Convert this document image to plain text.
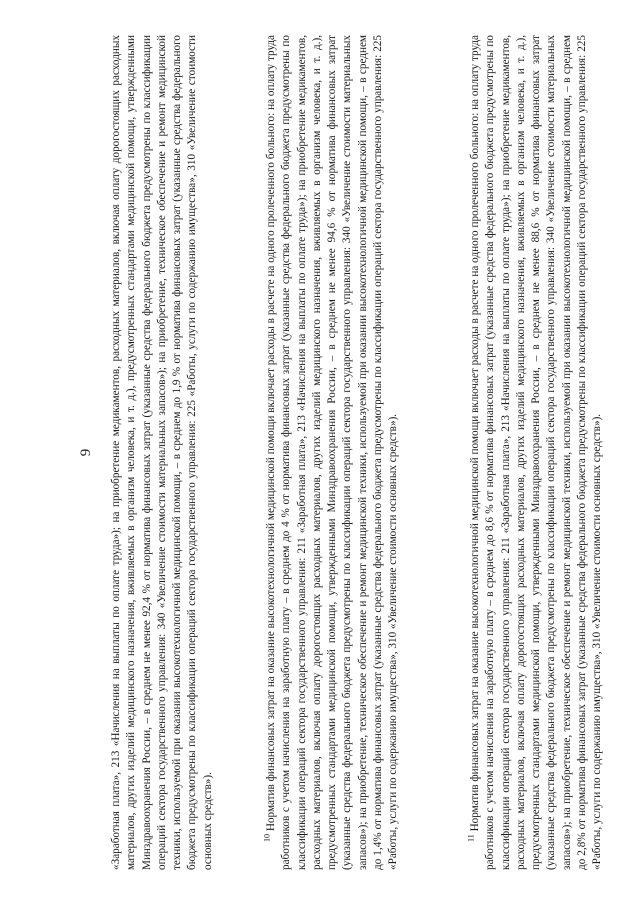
9 «Заработная плата», 213 «Начисления на выплаты по оплате труда»); на приобретение медикаментов, расходных материалов, включая оплату дорогостоящих расходных материалов, других изделий медицинского назначения, вживляемых в организм человека, и т. д.), предусмотренных стандартами медицинской помощи, утвержденными Минздравоохранения России, – в среднем не менее 92,4 % от норматива финансовых затрат (указанные средства федерального бюджета предусмотрены по классификации операций сектора государственного управления: 340 «Увеличение стоимости материальных запасов»); на приобретение, техническое обеспечение и ремонт медицинской техники, используемой при оказании высокотехнологичной медицинской помощи, – в среднем до 1,9 % от норматива финансовых затрат (указанные средства федерального бюджета предусмотрены по классификации операций сектора государственного управления: 225 «Работы, услуги по содержанию имущества», 310 «Увеличение стоимости основных средств»).	$^{10}$ Норматив финансовых затрат на оказание высокотехнологичной медицинской помощи включает расходы в расчете на одного пролеченного больного: на оплату труда работников с учетом начисления на заработную плату – в среднем до 4 % от норматива финансовых затрат (указанные средства федерального бюджета предусмотрены по классификации операций сектора государственного управления: 211 «Заработная плата», 213 «Начисления на выплаты по оплате труда»); на приобретение медикаментов, расходных материалов, включая оплату дорогостоящих расходных материалов, других изделий медицинского назначения, вживляемых в организм человека, и т. д.), предусмотренных стандартами медицинской помощи, утвержденными Минздравоохранения России, – в среднем не менее 94,6 % от норматива финансовых затрат (указанные средства федерального бюджета предусмотрены по классификации операций сектора государственного управления: 340 «Увеличение стоимости материальных запасов»); на приобретение, техническое обеспечение и ремонт медицинской техники, используемой при оказании высокотехнологичной медицинской помощи, – в среднем до 1,4% от норматива финансовых затрат (указанные средства федерального бюджета предусмотрены по классификации операций сектора государственного управления: 225 «Работы, услуги по содержанию имущества», 310 «Увеличение стоимости основных средств»).	$^{11}$ Норматив финансовых затрат на оказание высокотехнологичной медицинской помощи включает расходы в расчете на одного пролеченного больного: на оплату труда работников с учетом начисления на заработную плату – в среднем до 8,6 % от норматива финансовых затрат (указанные средства федерального бюджета предусмотрены по классификации операций сектора государственного управления: 211 «Заработная плата», 213 «Начисления на выплаты по оплате труда»); на приобретение медикаментов, расходных материалов, включая оплату дорогостоящих расходных материалов, других изделий медицинского назначения, вживляемых в организм человека, и т. д.), предусмотренных стандартами медицинской помощи, утвержденными Минздравоохранения России, – в среднем не менее 88,6 % от норматива финансовых затрат (указанные средства федерального бюджета предусмотрены по классификации операций сектора государственного управления: 340 «Увеличение стоимости материальных запасов»); на приобретение, техническое обеспечение и ремонт медицинской техники, используемой при оказании высокотехнологичной медицинской помощи, – в среднем до 2,8% от норматива финансовых затрат (указанные средства федерального бюджета предусмотрены по классификации операций сектора государственного управления: 225 «Работы, услуги по содержанию имущества», 310 «Увеличение стоимости основных средств»).
